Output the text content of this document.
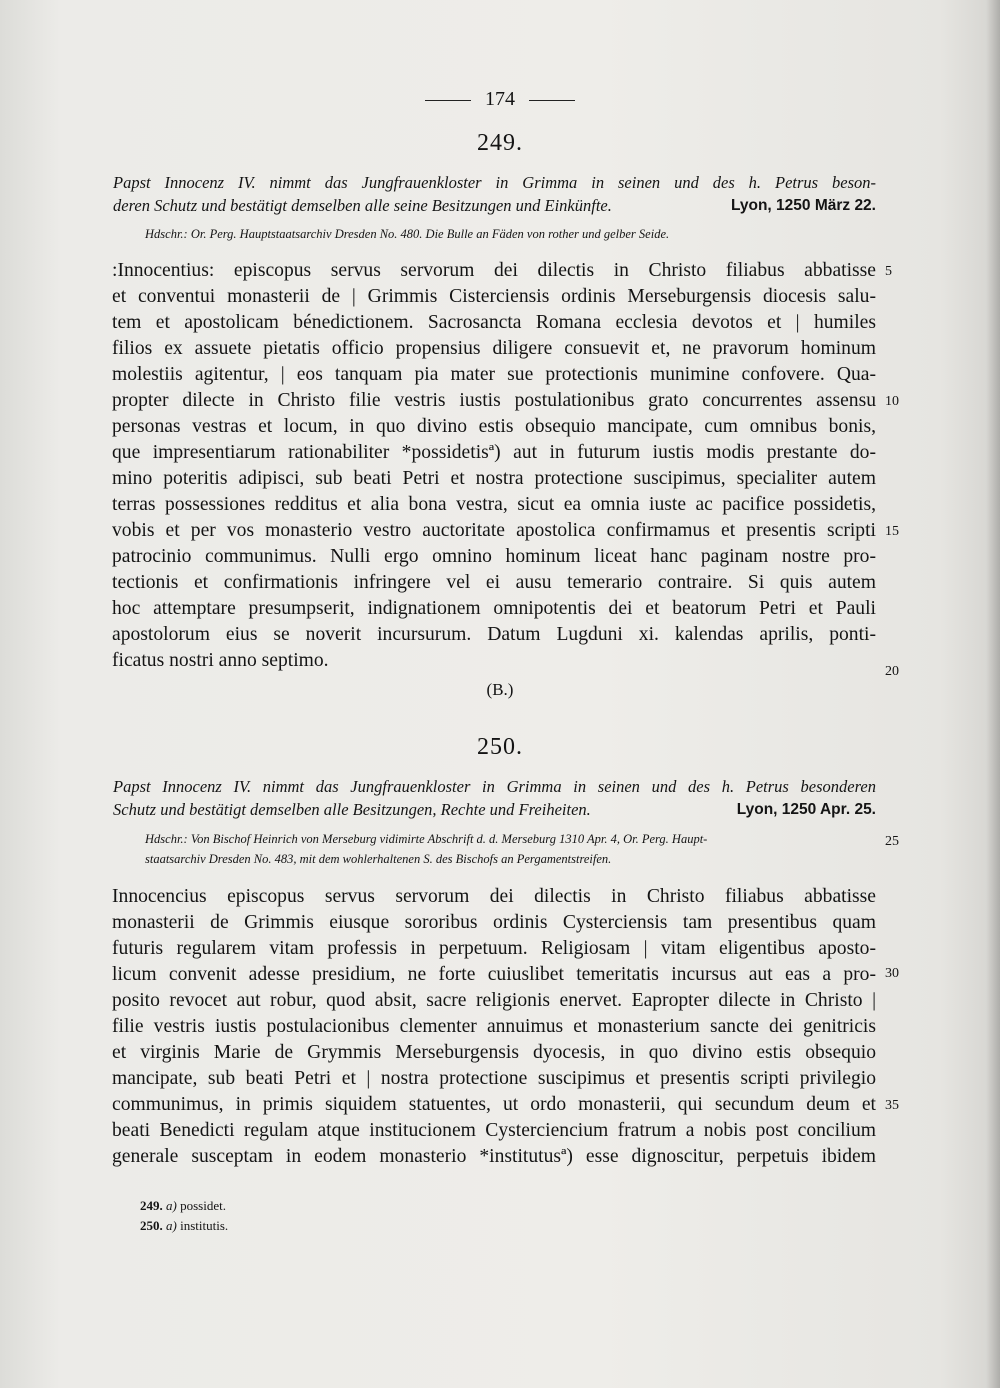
174
249.
Papst Innocenz IV. nimmt das Jungfrauenkloster in Grimma in seinen und des h. Petrus beson-
Lyon, 1250 März 22.
deren Schutz und bestätigt demselben alle seine Besitzungen und Einkünfte.
Hdschr.: Or. Perg. Hauptstaatsarchiv Dresden No. 480. Die Bulle an Fäden von rother und gelber Seide.
:Innocentius: episcopus servus servorum dei dilectis in Christo filiabus abbatisse
et conventui monasterii de | Grimmis Cisterciensis ordinis Merseburgensis diocesis salu-
tem et apostolicam bénedictionem. Sacrosancta Romana ecclesia devotos et | humiles
filios ex assuete pietatis officio propensius diligere consuevit et, ne pravorum hominum
molestiis agitentur, | eos tanquam pia mater sue protectionis munimine confovere. Qua-
propter dilecte in Christo filie vestris iustis postulationibus grato concurrentes assensu
personas vestras et locum, in quo divino estis obsequio mancipate, cum omnibus bonis,
que impresentiarum rationabiliter *possidetisª) aut in futurum iustis modis prestante do-
mino poteritis adipisci, sub beati Petri et nostra protectione suscipimus, specialiter autem
terras possessiones redditus et alia bona vestra, sicut ea omnia iuste ac pacifice possidetis,
vobis et per vos monasterio vestro auctoritate apostolica confirmamus et presentis scripti
patrocinio communimus. Nulli ergo omnino hominum liceat hanc paginam nostre pro-
tectionis et confirmationis infringere vel ei ausu temerario contraire. Si quis autem
hoc attemptare presumpserit, indignationem omnipotentis dei et beatorum Petri et Pauli
apostolorum eius se noverit incursurum. Datum Lugduni xi. kalendas aprilis, ponti-
ficatus nostri anno septimo.
(B.)
250.
Papst Innocenz IV. nimmt das Jungfrauenkloster in Grimma in seinen und des h. Petrus besonderen
Lyon, 1250 Apr. 25.
Schutz und bestätigt demselben alle Besitzungen, Rechte und Freiheiten.
Hdschr.: Von Bischof Heinrich von Merseburg vidimirte Abschrift d. d. Merseburg 1310 Apr. 4, Or. Perg. Haupt-
staatsarchiv Dresden No. 483, mit dem wohlerhaltenen S. des Bischofs an Pergamentstreifen.
Innocencius episcopus servus servorum dei dilectis in Christo filiabus abbatisse
monasterii de Grimmis eiusque sororibus ordinis Cysterciensis tam presentibus quam
futuris regularem vitam professis in perpetuum. Religiosam | vitam eligentibus aposto-
licum convenit adesse presidium, ne forte cuiuslibet temeritatis incursus aut eas a pro-
posito revocet aut robur, quod absit, sacre religionis enervet. Eapropter dilecte in Christo |
filie vestris iustis postulacionibus clementer annuimus et monasterium sancte dei genitricis
et virginis Marie de Grymmis Merseburgensis dyocesis, in quo divino estis obsequio
mancipate, sub beati Petri et | nostra protectione suscipimus et presentis scripti privilegio
communimus, in primis siquidem statuentes, ut ordo monasterii, qui secundum deum et
beati Benedicti regulam atque institucionem Cysterciencium fratrum a nobis post concilium
generale susceptam in eodem monasterio *institutusª) esse dignoscitur, perpetuis ibidem
5
10
15
20
25
30
35
249. a) possidet.
250. a) institutis.
